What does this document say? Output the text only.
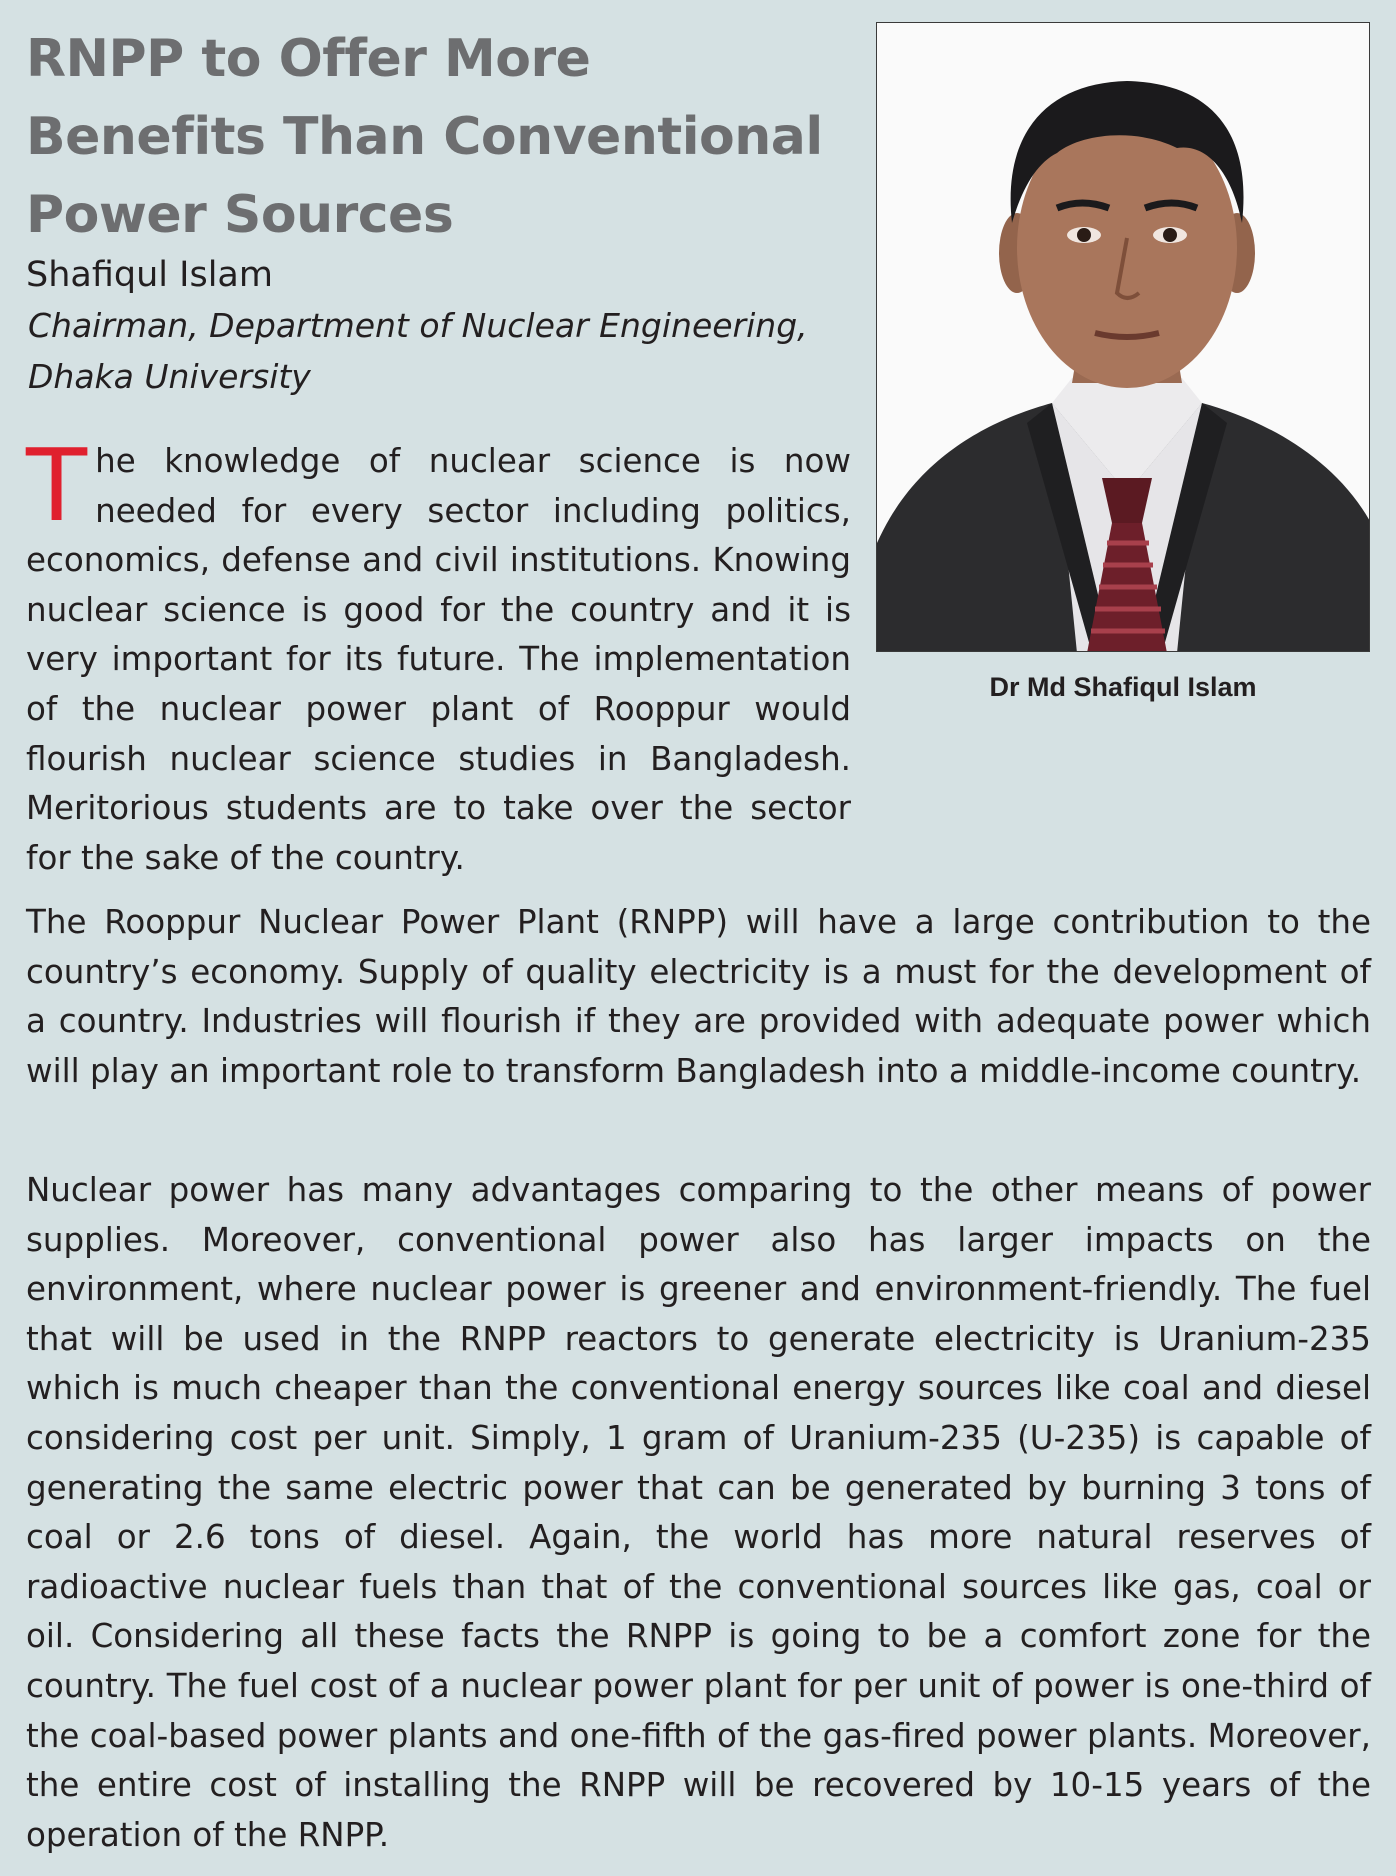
RNPP to Offer More Benefits Than Conventional Power Sources
Shafiqul Islam
Chairman, Department of Nuclear Engineering, Dhaka University
Dr Md Shafiqul Islam

The knowledge of nuclear science is now needed for every sector including politics, economics, defense and civil institutions. Knowing nuclear science is good for the country and it is very important for its future. The implementation of the nuclear power plant of Rooppur would flourish nuclear science studies in Bangladesh. Meritorious students are to take over the sector for the sake of the country.

The Rooppur Nuclear Power Plant (RNPP) will have a large contribution to the country’s economy. Supply of quality electricity is a must for the development of a country. Industries will flourish if they are provided with adequate power which will play an important role to transform Bangladesh into a middle-income country.

Nuclear power has many advantages comparing to the other means of power supplies. Moreover, conventional power also has larger impacts on the environment, where nuclear power is greener and environment-friendly. The fuel that will be used in the RNPP reactors to generate electricity is Uranium-235 which is much cheaper than the conventional energy sources like coal and diesel considering cost per unit. Simply, 1 gram of Uranium-235 (U-235) is capable of generating the same electric power that can be generated by burning 3 tons of coal or 2.6 tons of diesel. Again, the world has more natural reserves of radioactive nuclear fuels than that of the conventional sources like gas, coal or oil. Considering all these facts the RNPP is going to be a comfort zone for the country. The fuel cost of a nuclear power plant for per unit of power is one-third of the coal-based power plants and one-fifth of the gas-fired power plants. Moreover, the entire cost of installing the RNPP will be recovered by 10-15 years of the operation of the RNPP.
